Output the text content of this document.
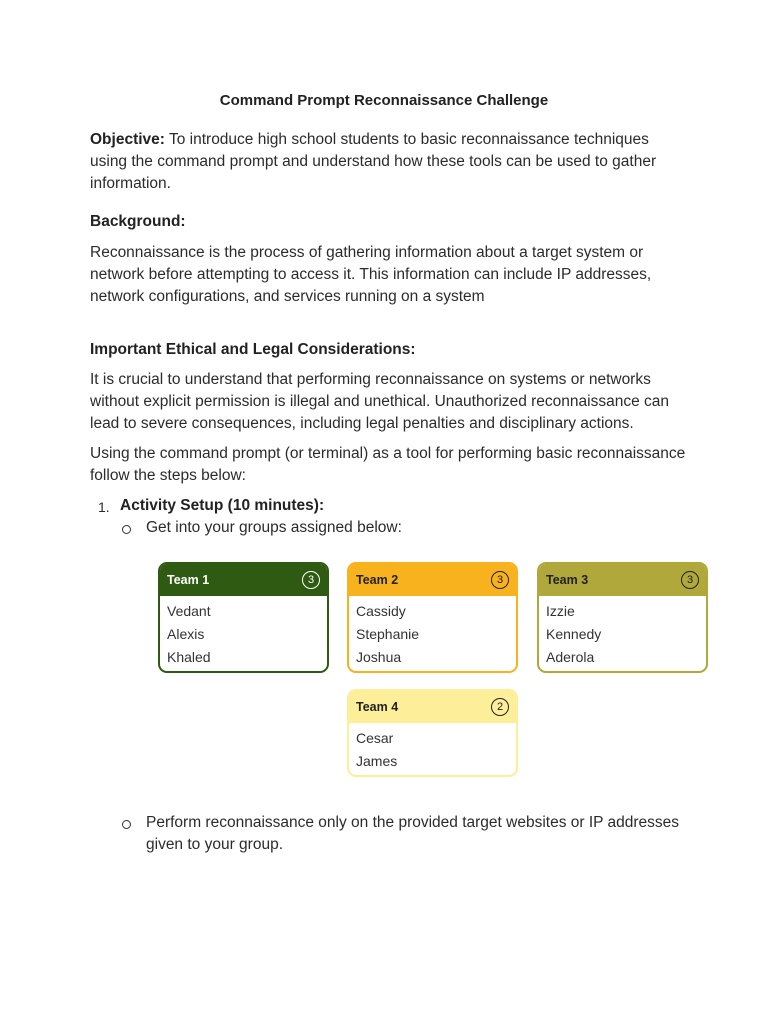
Command Prompt Reconnaissance Challenge
Objective: To introduce high school students to basic reconnaissance techniques using the command prompt and understand how these tools can be used to gather information.
Background:
Reconnaissance is the process of gathering information about a target system or network before attempting to access it. This information can include IP addresses, network configurations, and services running on a system
Important Ethical and Legal Considerations:
It is crucial to understand that performing reconnaissance on systems or networks without explicit permission is illegal and unethical. Unauthorized reconnaissance can lead to severe consequences, including legal penalties and disciplinary actions.
Using the command prompt (or terminal) as a tool for performing basic reconnaissance follow the steps below:
1. Activity Setup (10 minutes):
Get into your groups assigned below:
Team 1	3
Vedant
Alexis
Khaled
Team 2	3
Cassidy
Stephanie
Joshua
Team 3	3
Izzie
Kennedy
Aderola
Team 4	2
Cesar
James
Perform reconnaissance only on the provided target websites or IP addresses given to your group.
